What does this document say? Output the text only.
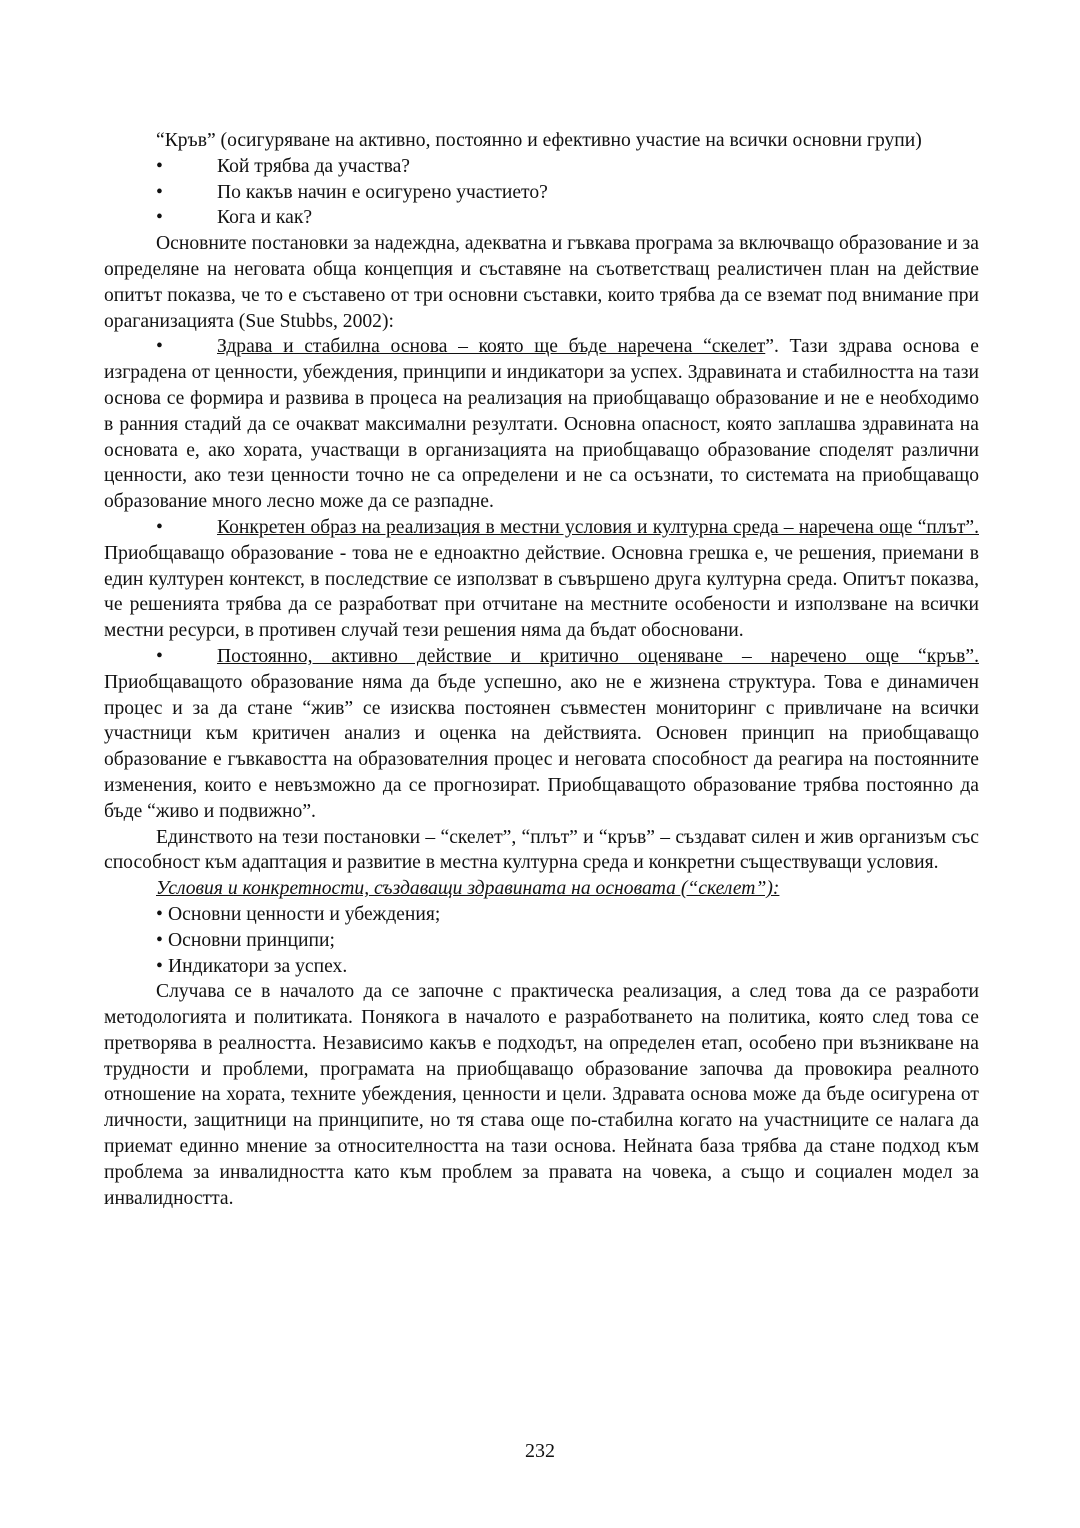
“Кръв” (осигуряване на активно, постоянно и ефективно участие на всички основни групи)

•	Кой трябва да участва?

•	По какъв начин е осигурено участието?

•	Кога и как?

Основните постановки за надеждна, адекватна и гъвкава програма за включващо образование и за определяне на неговата обща концепция и съставяне на съответстващ реалистичен план на действие опитът показва, че то е съставено от три основни съставки, които трябва да се вземат под внимание при ораганизацията (Sue Stubbs, 2002):

•	Здрава и стабилна основа – която ще бъде наречена “скелет”. Тази здрава основа е изградена от ценности, убеждения, принципи и индикатори за успех. Здравината и стабилността на тази основа се формира и развива в процеса на реализация на приобщаващо образование и не е необходимо в ранния стадий да се очакват максимални резултати. Основна опасност, която заплашва здравината на основата е, ако хората, участващи в организацията на приобщаващо образование споделят различни ценности, ако тези ценности точно не са определени и не са осъзнати, то системата на приобщаващо образование много лесно може да се разпадне.

•	Конкретен образ на реализация в местни условия и културна среда – наречена още “плът”. Приобщаващо образование - това не е едноактно действие. Основна грешка е, че решения, приемани в един културен контекст, в последствие се използват в съвършено друга културна среда. Опитът показва, че решенията трябва да се разработват при отчитане на местните особености и използване на всички местни ресурси, в противен случай тези решения няма да бъдат обосновани.

•	Постоянно, активно действие и критично оценяване – наречено още “кръв”. Приобщаващото образование няма да бъде успешно, ако не е жизнена структура. Това е динамичен процес и за да стане “жив” се изисква постоянен съвместен мониторинг с привличане на всички участници към критичен анализ и оценка на действията. Основен принцип на приобщаващо образование е гъвкавостта на образователния процес и неговата способност да реагира на постоянните изменения, които е невъзможно да се прогнозират. Приобщаващото образование трябва постоянно да бъде “живо и подвижно”.

Единството на тези постановки – “скелет”, “плът” и “кръв” – създават силен и жив организъм със способност към адаптация и развитие в местна културна среда и конкретни съществуващи условия.

Условия и конкретности, създаващи здравината на основата (“скелет”):

• Основни ценности и убеждения;

• Основни принципи;

• Индикатори за успех.

Случава се в началото да се започне с практическа реализация, а след това да се разработи методологията и политиката. Понякога в началото е разработването на политика, която след това се претворява в реалността. Независимо какъв е подходът, на определен етап, особено при възникване на трудности и проблеми, програмата на приобщаващо образование започва да провокира реалното отношение на хората, техните убеждения, ценности и цели. Здравата основа може да бъде осигурена от личности, защитници на принципите, но тя става още по-стабилна когато на участниците се налага да приемат единно мнение за относителността на тази основа. Нейната база трябва да стане подход към проблема за инвалидността като към проблем за правата на човека, а също и социален модел за инвалидността.

232
